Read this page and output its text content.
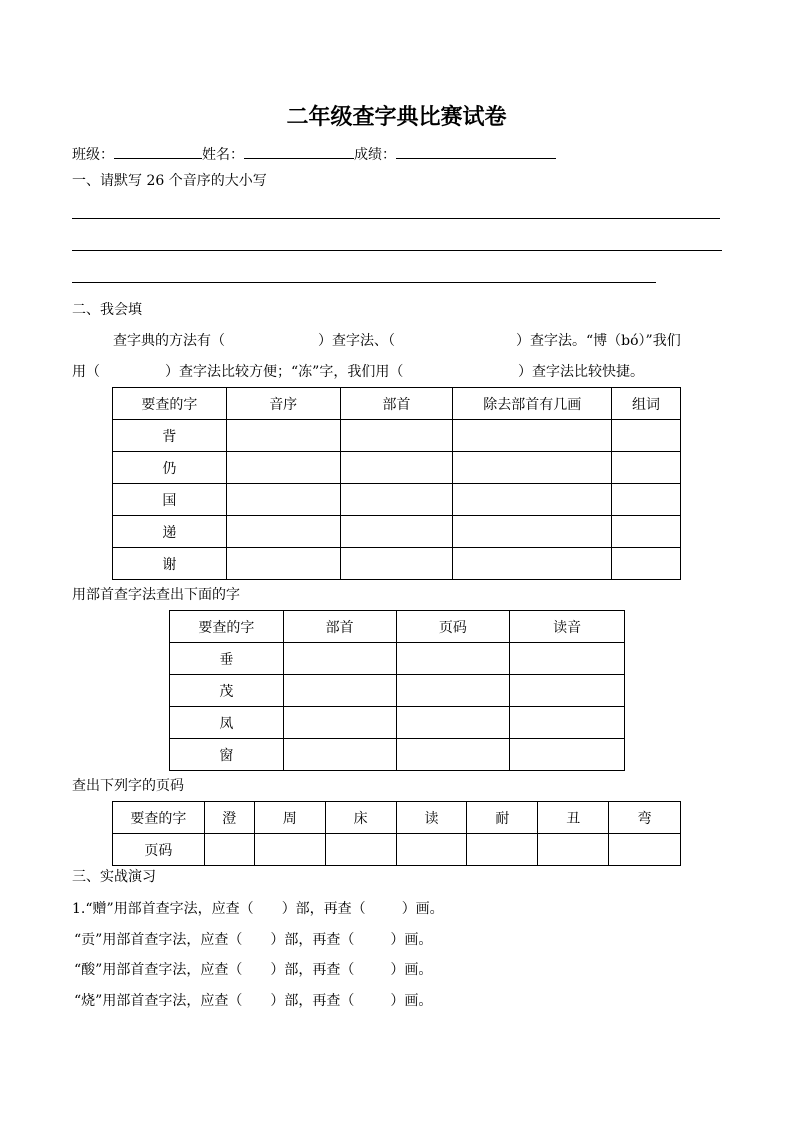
二年级查字典比赛试卷
班级：	姓名：	成绩：
一、请默写 26 个音序的大小写
二、我会填
查字典的方法有（	）查字法、（	）查字法。“博（bó）”我们
用（	）查字法比较方便；“冻”字，我们用（	）查字法比较快捷。
要查的字	音序	部首	除去部首有几画	组词
背				
仍				
国				
递				
谢				
用部首查字法查出下面的字
要查的字	部首	页码	读音
垂			
茂			
凤			
窗			
查出下列字的页码
要查的字	澄	周	床	读	耐	丑	弯
页码							
三、实战演习
1.“赠”用部首查字法，应查（ ）部，再查（	）画。
“贡”用部首查字法，应查（ ）部，再查（	）画。
“酸”用部首查字法，应查（ ）部，再查（	）画。
“烧”用部首查字法，应查（ ）部，再查（	）画。
